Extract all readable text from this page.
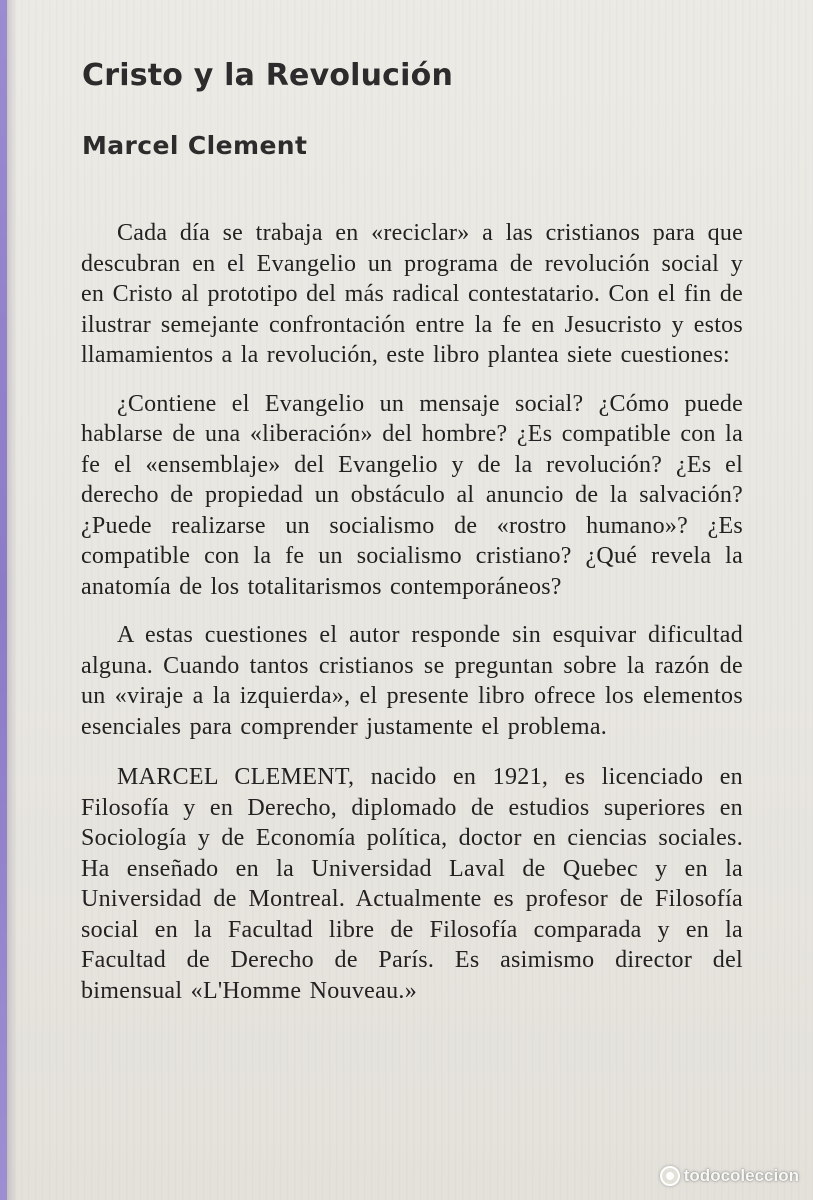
Cristo y la Revolución
Marcel Clement

Cada día se trabaja en «reciclar» a las cristianos para que descubran en el Evangelio un programa de revolución social y en Cristo al prototipo del más radical contestatario. Con el fin de ilustrar semejante confrontación entre la fe en Jesucristo y estos llamamientos a la revolución, este libro plantea siete cuestiones:

¿Contiene el Evangelio un mensaje social? ¿Cómo puede hablarse de una «liberación» del hombre? ¿Es compatible con la fe el «ensemblaje» del Evangelio y de la revolución? ¿Es el derecho de propiedad un obstáculo al anuncio de la salvación? ¿Puede realizarse un socialismo de «rostro humano»? ¿Es compatible con la fe un socialismo cristiano? ¿Qué revela la anatomía de los totalitarismos contemporáneos?

A estas cuestiones el autor responde sin esquivar dificultad alguna. Cuando tantos cristianos se preguntan sobre la razón de un «viraje a la izquierda», el presente libro ofrece los elementos esenciales para comprender justamente el problema.

MARCEL CLEMENT, nacido en 1921, es licenciado en Filosofía y en Derecho, diplomado de estudios superiores en Sociología y de Economía política, doctor en ciencias sociales. Ha enseñado en la Universidad Laval de Quebec y en la Universidad de Montreal. Actualmente es profesor de Filosofía social en la Facultad libre de Filosofía comparada y en la Facultad de Derecho de París. Es asimismo director del bimensual «L'Homme Nouveau.»

todocoleccion
